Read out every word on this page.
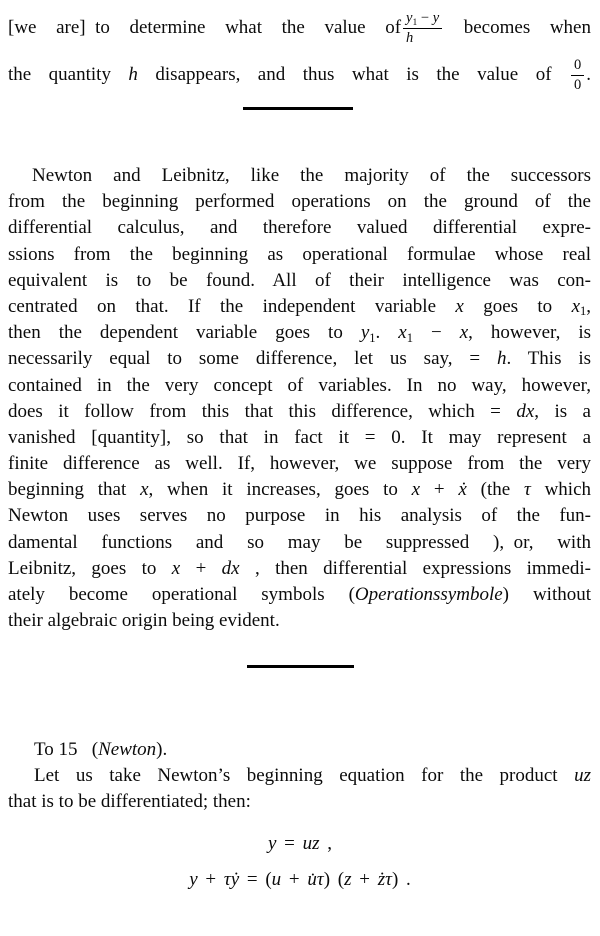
[we are] to determine what the value of $\frac{y_1 - y}{h}$ becomes when
the quantity h disappears, and thus what is the value of $\frac{0}{0}$ .
Newton and Leibnitz, like the majority of the successors
from the beginning performed operations on the ground of the
differential calculus, and therefore valued differential expre-
ssions from the beginning as operational formulae whose real
equivalent is to be found. All of their intelligence was con-
centrated on that. If the independent variable x goes to $x_1$,
then the dependent variable goes to $y_1$. $x_1 - x$, however, is
necessarily equal to some difference, let us say, = h. This is
contained in the very concept of variables. In no way, however,
does it follow from this that this difference, which = dx, is a
vanished [quantity], so that in fact it = 0. It may represent a
finite difference as well. If, however, we suppose from the very
beginning that x, when it increases, goes to x + ẋ (the τ which
Newton uses serves no purpose in his analysis of the fun-
damental functions and so may be suppressed ), or, with
Leibnitz, goes to x + dx , then differential expressions immedi-
ately become operational symbols (Operationssymbole) without
their algebraic origin being evident.
To 15  (Newton).
Let us take Newton’s beginning equation for the product uz
that is to be differentiated; then:
y = uz ,
y + τẏ = (u + u̇τ) (z + żτ) .
